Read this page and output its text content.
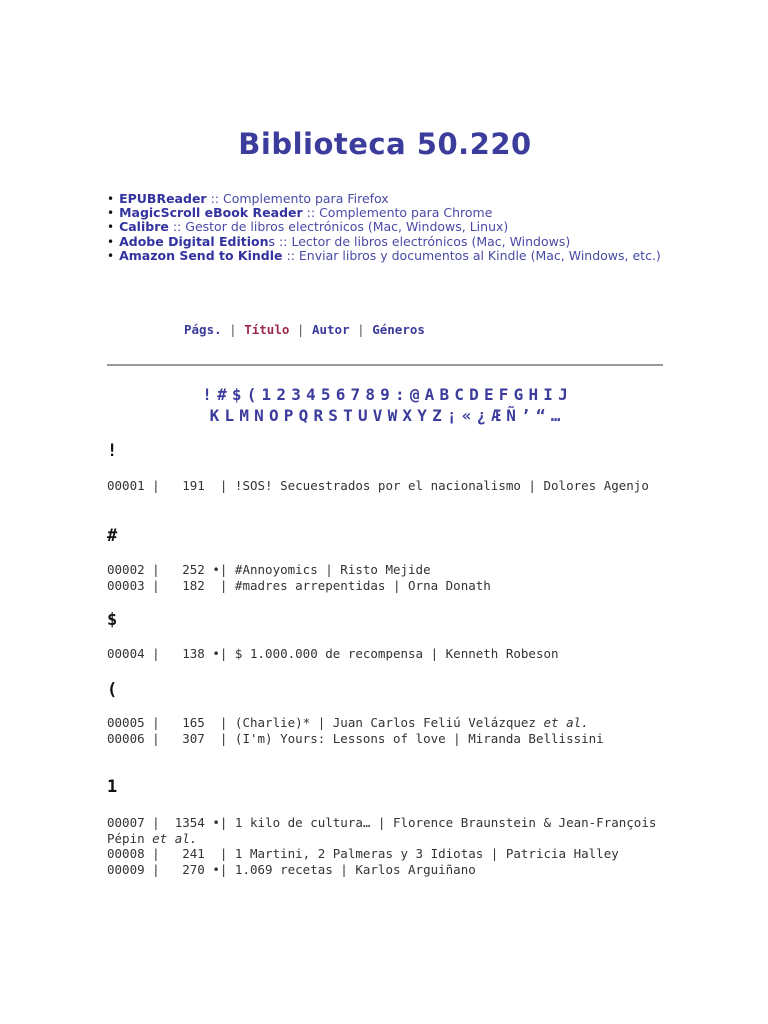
Biblioteca 50.220
• EPUBReader :: Complemento para Firefox
• MagicScroll eBook Reader :: Complemento para Chrome
• Calibre :: Gestor de libros electrónicos (Mac, Windows, Linux)
• Adobe Digital Editions :: Lector de libros electrónicos (Mac, Windows)
• Amazon Send to Kindle :: Enviar libros y documentos al Kindle (Mac, Windows, etc.)
Págs. | Título | Autor | Géneros
! # $ ( 1 2 3 4 5 6 7 8 9 : @ A B C D E F G H I J
K L M N O P Q R S T U V W X Y Z ¡ « ¿ Æ Ñ ’ “ …
!
00001 |   191  | !SOS! Secuestrados por el nacionalismo | Dolores Agenjo
#
00002 |   252 •| #Annoyomics | Risto Mejide
00003 |   182  | #madres arrepentidas | Orna Donath
$
00004 |   138 •| $ 1.000.000 de recompensa | Kenneth Robeson
(
00005 |   165  | (Charlie)* | Juan Carlos Feliú Velázquez et al.
00006 |   307  | (I'm) Yours: Lessons of love | Miranda Bellissini
1
00007 |  1354 •| 1 kilo de cultura… | Florence Braunstein & Jean-François Pépin et al.
00008 |   241  | 1 Martini, 2 Palmeras y 3 Idiotas | Patricia Halley
00009 |   270 •| 1.069 recetas | Karlos Arguiñano
